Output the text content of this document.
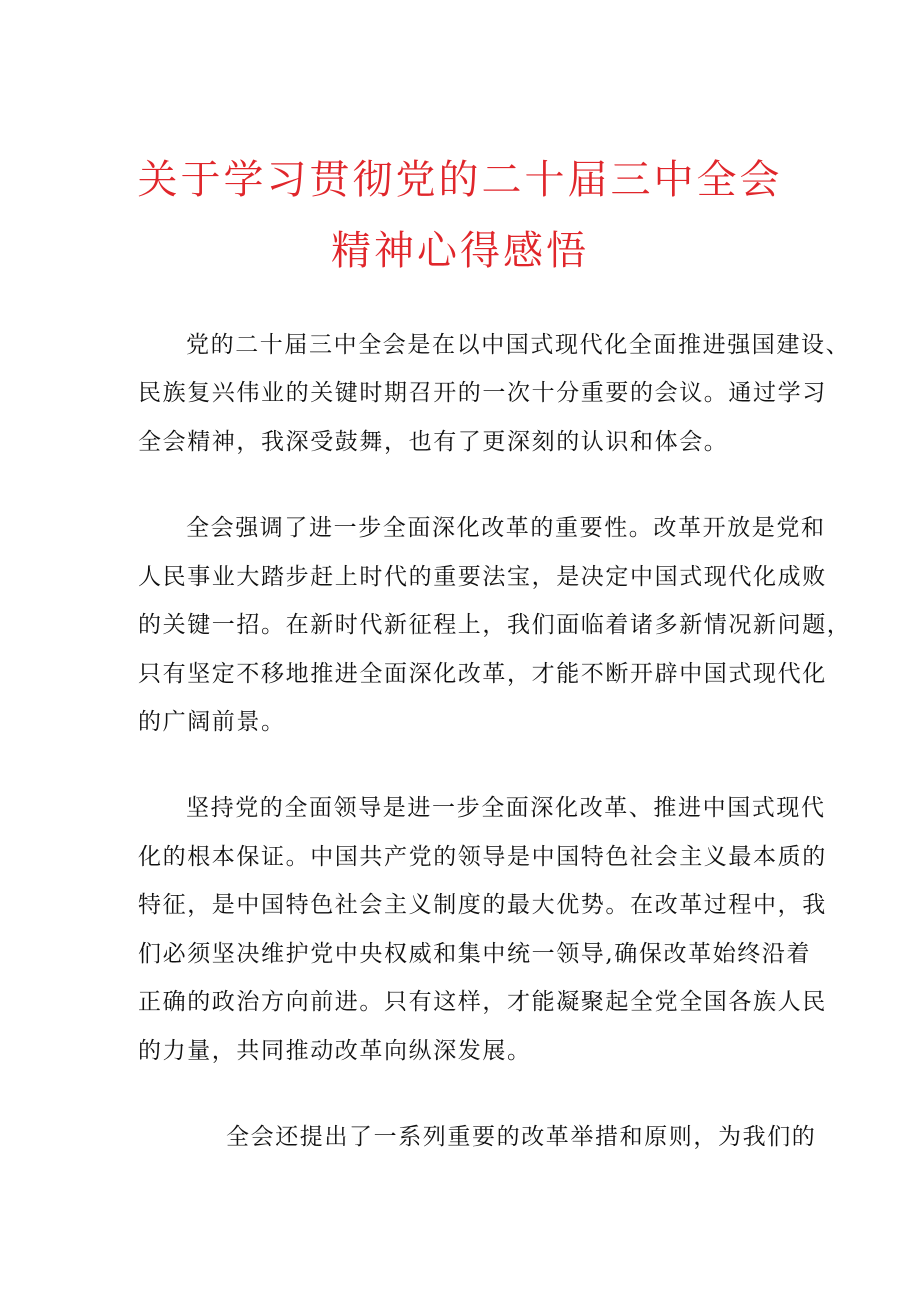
关于学习贯彻党的二十届三中全会
精神心得感悟
党的二十届三中全会是在以中国式现代化全面推进强国建设、
民族复兴伟业的关键时期召开的一次十分重要的会议。通过学习
全会精神，我深受鼓舞，也有了更深刻的认识和体会。
全会强调了进一步全面深化改革的重要性。改革开放是党和
人民事业大踏步赶上时代的重要法宝，是决定中国式现代化成败
的关键一招。在新时代新征程上，我们面临着诸多新情况新问题，
只有坚定不移地推进全面深化改革，才能不断开辟中国式现代化
的广阔前景。
坚持党的全面领导是进一步全面深化改革、推进中国式现代
化的根本保证。中国共产党的领导是中国特色社会主义最本质的
特征，是中国特色社会主义制度的最大优势。在改革过程中，我
们必须坚决维护党中央权威和集中统一领导,确保改革始终沿着
正确的政治方向前进。只有这样，才能凝聚起全党全国各族人民
的力量，共同推动改革向纵深发展。
全会还提出了一系列重要的改革举措和原则，为我们的
